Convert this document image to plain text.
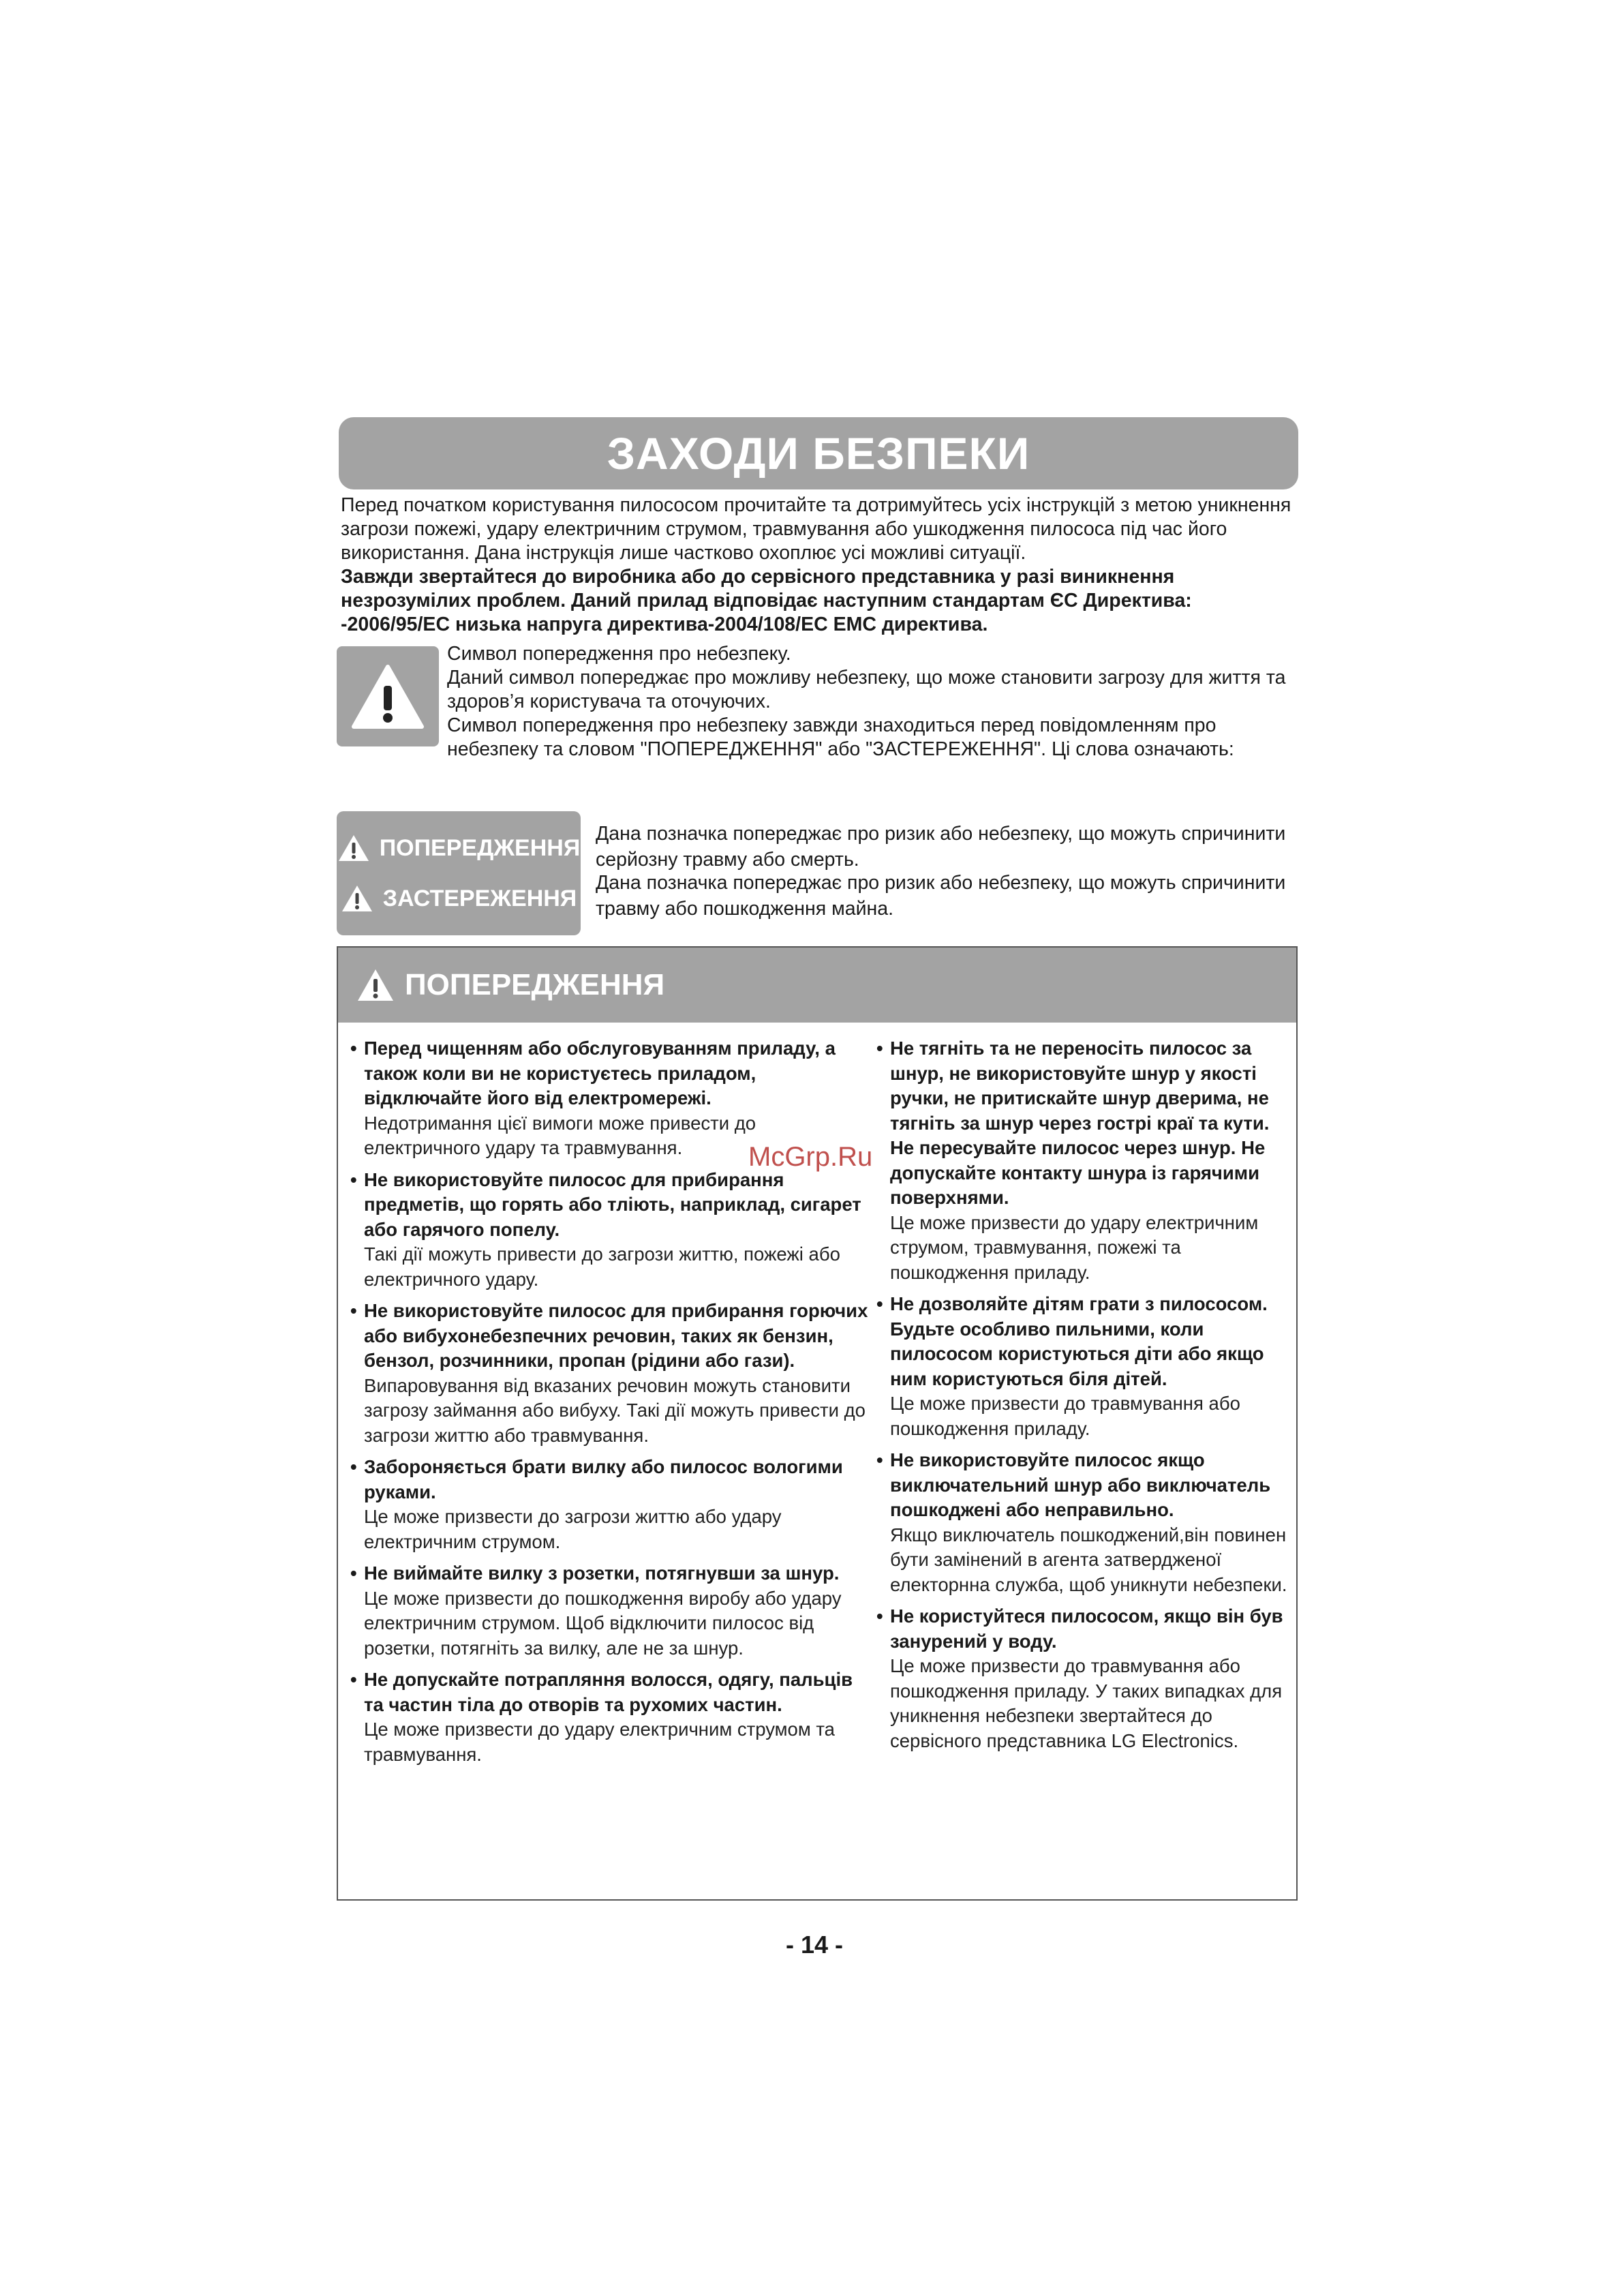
ЗАХОДИ БЕЗПЕКИ

Перед початком користування пилососом прочитайте та дотримуйтесь усіх інструкцій з метою уникнення загрози пожежі, удару електричним струмом, травмування або ушкодження пилососа під час його використання. Дана інструкція лише частково охоплює усі можливі ситуації.

Завжди звертайтеся до виробника або до сервісного представника у разі виникнення незрозумілих проблем. Даний прилад відповідає наступним стандартам ЄС Директива: -2006/95/EC низька напруга директива-2004/108/EC EMC директива.

Символ попередження про небезпеку.

Даний символ попереджає про можливу небезпеку, що може становити загрозу для життя та здоров’я користувача та оточуючих.

Символ попередження про небезпеку завжди знаходиться перед повідомленням про небезпеку та словом "ПОПЕРЕДЖЕННЯ" або "ЗАСТЕРЕЖЕННЯ". Ці слова означають:

ПОПЕРЕДЖЕННЯ

Дана позначка попереджає про ризик або небезпеку, що можуть спричинити серйозну травму або смерть.

ЗАСТЕРЕЖЕННЯ

Дана позначка попереджає про ризик або небезпеку, що можуть спричинити травму або пошкодження майна.

ПОПЕРЕДЖЕННЯ
• Перед чищенням або обслуговуванням приладу, а також коли ви не користуєтесь приладом, відключайте його від електромережі.
Недотримання цієї вимоги може привести до електричного удару та травмування.
• Не використовуйте пилосос для прибирання предметів, що горять або тліють, наприклад, сигарет або гарячого попелу.
Такі дії можуть привести до загрози життю, пожежі або електричного удару.
• Не використовуйте пилосос для прибирання горючих або вибухонебезпечних речовин, таких як бензин, бензол, розчинники, пропан (рідини або гази).
Випаровування від вказаних речовин можуть становити загрозу займання або вибуху. Такі дії можуть привести до загрози життю або травмування.
• Забороняється брати вилку або пилосос вологими руками.
Це може призвести до загрози життю або удару електричним струмом.
• Не виймайте вилку з розетки, потягнувши за шнур.
Це може призвести до пошкодження виробу або удару електричним струмом. Щоб відключити пилосос від розетки, потягніть за вилку, але не за шнур.
• Не допускайте потрапляння волосся, одягу, пальців та частин тіла до отворів та рухомих частин.
Це може призвести до удару електричним струмом та травмування.
• Не тягніть та не переносіть пилосос за шнур, не використовуйте шнур у якості ручки, не притискайте шнур дверима, не тягніть за шнур через гострі краї та кути. Не пересувайте пилосос через шнур. Не допускайте контакту шнура із гарячими поверхнями.
Це може призвести до удару електричним струмом, травмування, пожежі та пошкодження приладу.
• Не дозволяйте дітям грати з пилососом. Будьте особливо пильними, коли пилососом користуються діти або якщо ним користуються біля дітей.
Це може призвести до травмування або пошкодження приладу.
• Не використовуйте пилосос якщо виключательний шнур або виключатель пошкоджені або неправильно.
Якщо виключатель пошкоджений,він повинен бути замінений в агента затвердженої електорнна служба, щоб уникнути небезпеки.
• Не користуйтеся пилососом, якщо він був занурений у воду.
Це може призвести до травмування або пошкодження приладу. У таких випадках для уникнення небезпеки звертайтеся до сервісного представника LG Electronics.
McGrp.Ru
- 14 -
